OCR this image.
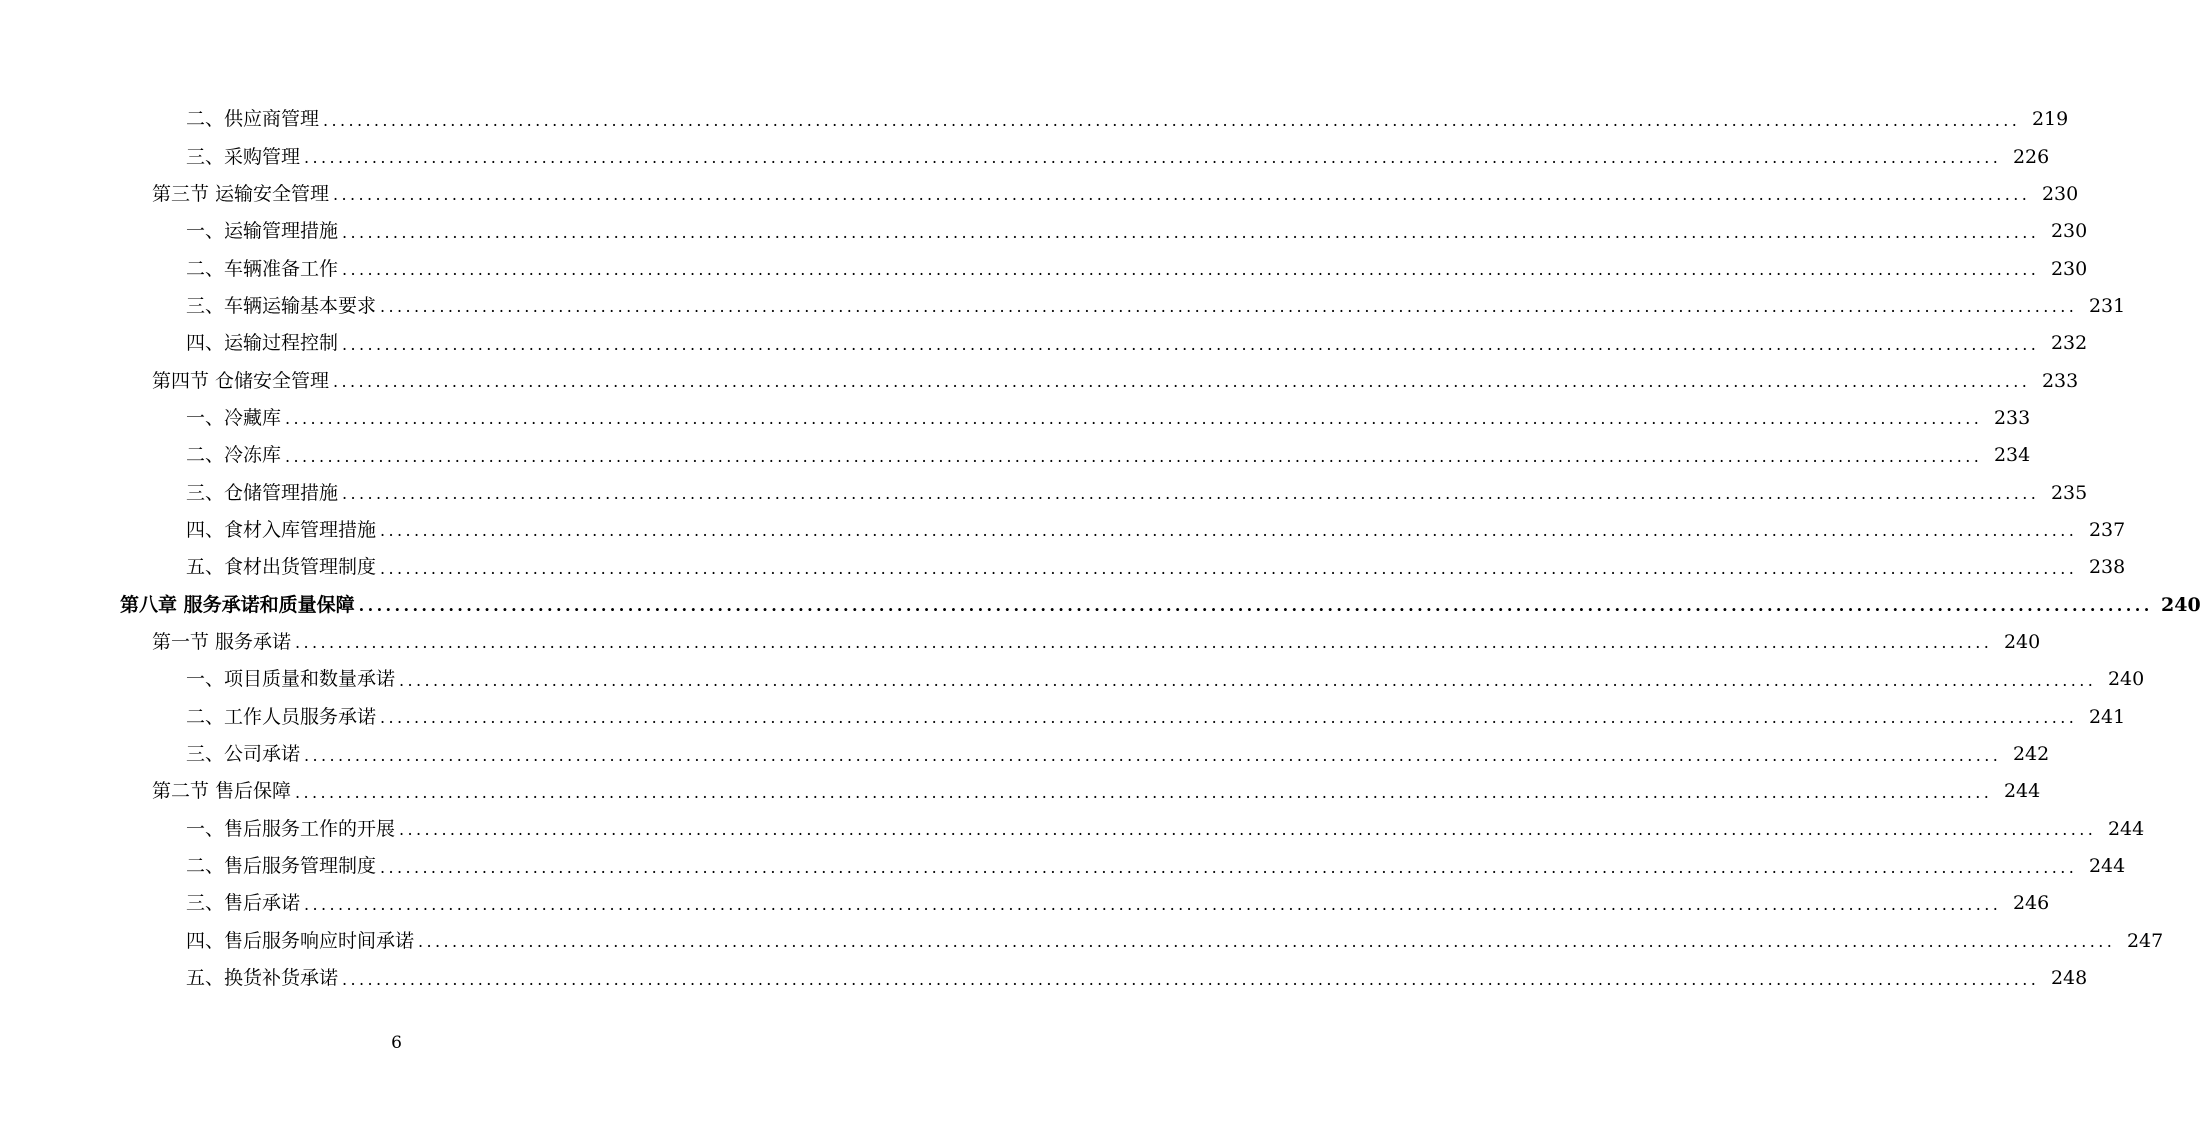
二、供应商管理 ........................................................................................................................................................................................................ 219
三、采购管理 ........................................................................................................................................................................................................ 226
第三节 运输安全管理 ........................................................................................................................................................................................................ 230
一、运输管理措施 ........................................................................................................................................................................................................ 230
二、车辆准备工作 ........................................................................................................................................................................................................ 230
三、车辆运输基本要求 ........................................................................................................................................................................................................ 231
四、运输过程控制 ........................................................................................................................................................................................................ 232
第四节 仓储安全管理 ........................................................................................................................................................................................................ 233
一、冷藏库 ........................................................................................................................................................................................................ 233
二、冷冻库 ........................................................................................................................................................................................................ 234
三、仓储管理措施 ........................................................................................................................................................................................................ 235
四、食材入库管理措施 ........................................................................................................................................................................................................ 237
五、食材出货管理制度 ........................................................................................................................................................................................................ 238
第八章 服务承诺和质量保障 ........................................................................................................................................................................................................ 240
第一节 服务承诺 ........................................................................................................................................................................................................ 240
一、项目质量和数量承诺 ........................................................................................................................................................................................................ 240
二、工作人员服务承诺 ........................................................................................................................................................................................................ 241
三、公司承诺 ........................................................................................................................................................................................................ 242
第二节 售后保障 ........................................................................................................................................................................................................ 244
一、售后服务工作的开展 ........................................................................................................................................................................................................ 244
二、售后服务管理制度 ........................................................................................................................................................................................................ 244
三、售后承诺 ........................................................................................................................................................................................................ 246
四、售后服务响应时间承诺 ........................................................................................................................................................................................................ 247
五、换货补货承诺 ........................................................................................................................................................................................................ 248
6
